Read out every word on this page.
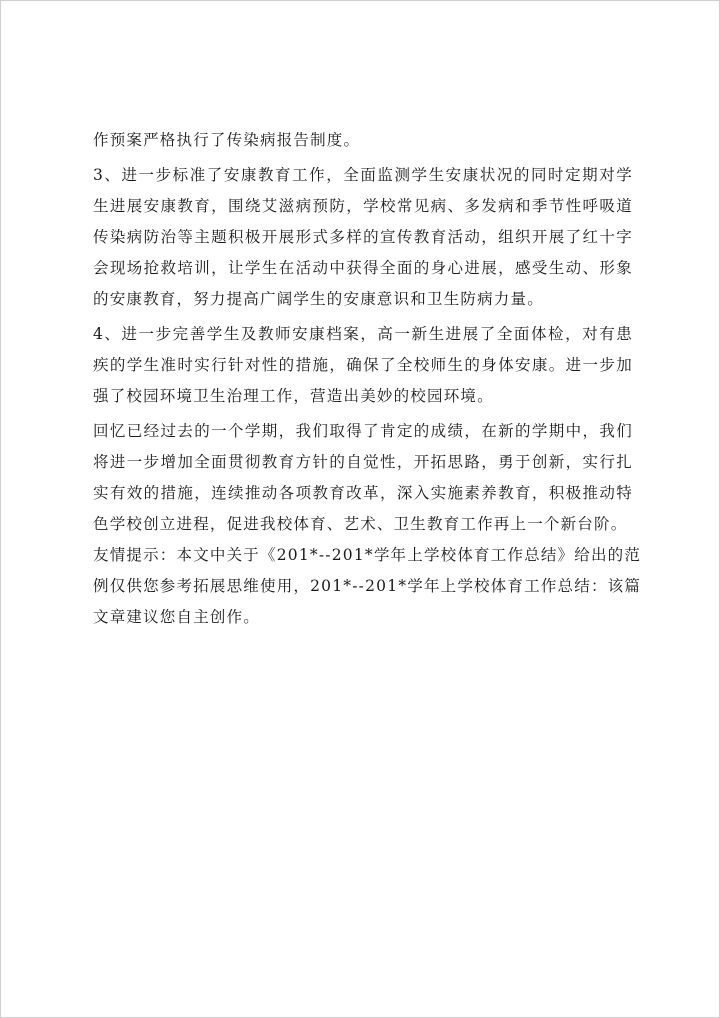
作预案严格执行了传染病报告制度。
3、进一步标准了安康教育工作，全面监测学生安康状况的同时定期对学
生进展安康教育，围绕艾滋病预防，学校常见病、多发病和季节性呼吸道
传染病防治等主题积极开展形式多样的宣传教育活动，组织开展了红十字
会现场抢救培训，让学生在活动中获得全面的身心进展，感受生动、形象
的安康教育，努力提高广阔学生的安康意识和卫生防病力量。
4、进一步完善学生及教师安康档案，高一新生进展了全面体检，对有患
疾的学生准时实行针对性的措施，确保了全校师生的身体安康。进一步加
强了校园环境卫生治理工作，营造出美妙的校园环境。
回忆已经过去的一个学期，我们取得了肯定的成绩，在新的学期中，我们
将进一步增加全面贯彻教育方针的自觉性，开拓思路，勇于创新，实行扎
实有效的措施，连续推动各项教育改革，深入实施素养教育，积极推动特
色学校创立进程，促进我校体育、艺术、卫生教育工作再上一个新台阶。
友情提示：本文中关于《201*--201*学年上学校体育工作总结》给出的范
例仅供您参考拓展思维使用，201*--201*学年上学校体育工作总结：该篇
文章建议您自主创作。
